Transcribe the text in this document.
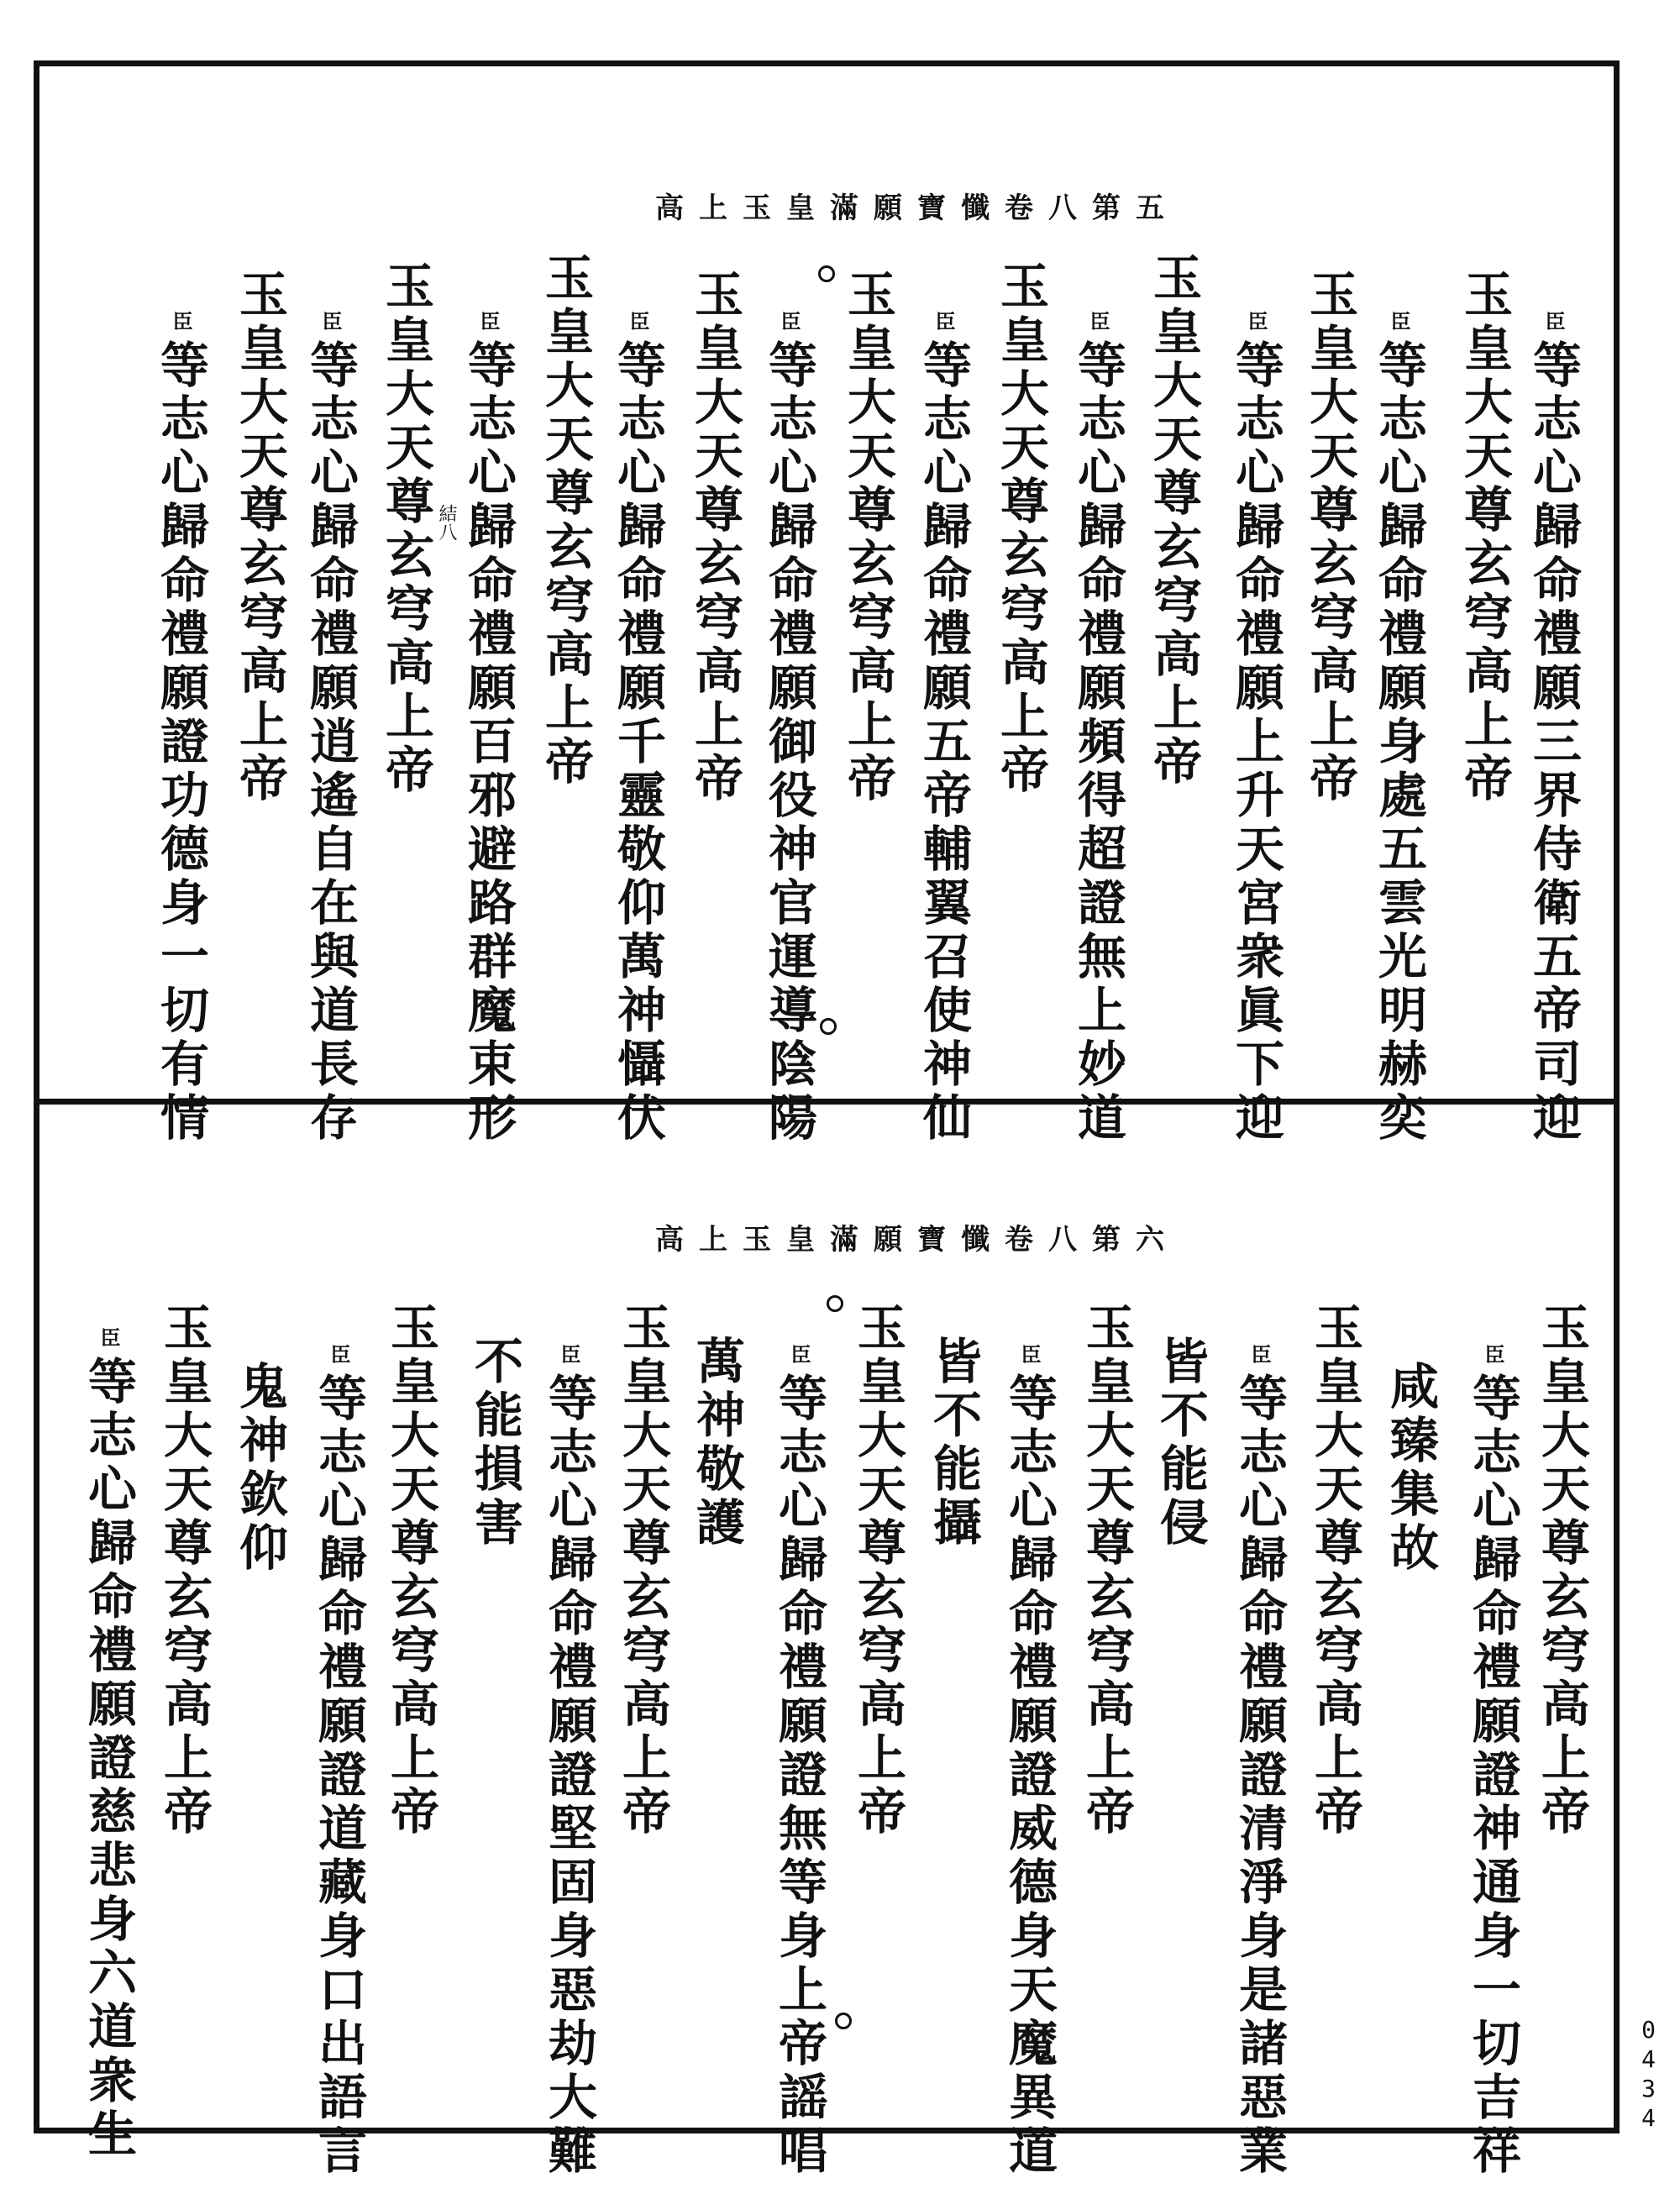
高上玉皇滿願寶懺卷八第五
臣等志心歸命禮願三界侍衛五帝司迎
玉皇大天尊玄穹高上帝
臣等志心歸命禮願身處五雲光明赫奕
玉皇大天尊玄穹高上帝
臣等志心歸命禮願上升天宮衆眞下迎
玉皇大天尊玄穹高上帝
臣等志心歸命禮願頻得超證無上妙道
玉皇大天尊玄穹高上帝
臣等志心歸命禮願五帝輔翼召使神仙
玉皇大天尊玄穹高上帝
臣等志心歸命禮願御役神官運導陰陽
玉皇大天尊玄穹高上帝
臣等志心歸命禮願千靈敬仰萬神懾伏
玉皇大天尊玄穹高上帝
臣等志心歸命禮願百邪避路群魔束形
玉皇大天尊玄穹高上帝
臣等志心歸命禮願逍遙自在與道長存
玉皇大天尊玄穹高上帝
臣等志心歸命禮願證功德身一切有情	結八
高上玉皇滿願寶懺卷八第六
玉皇大天尊玄穹高上帝
臣等志心歸命禮願證神通身一切吉祥
咸臻集故
玉皇大天尊玄穹高上帝
臣等志心歸命禮願證清淨身是諸惡業
皆不能侵
玉皇大天尊玄穹高上帝
臣等志心歸命禮願證威德身天魔異道
皆不能攝
玉皇大天尊玄穹高上帝
臣等志心歸命禮願證無等身上帝謡唱
萬神敬護
玉皇大天尊玄穹高上帝
臣等志心歸命禮願證堅固身惡劫大難
不能損害
玉皇大天尊玄穹高上帝
臣等志心歸命禮願證道藏身口出語言
鬼神欽仰
玉皇大天尊玄穹高上帝
臣等志心歸命禮願證慈悲身六道衆生	0434
